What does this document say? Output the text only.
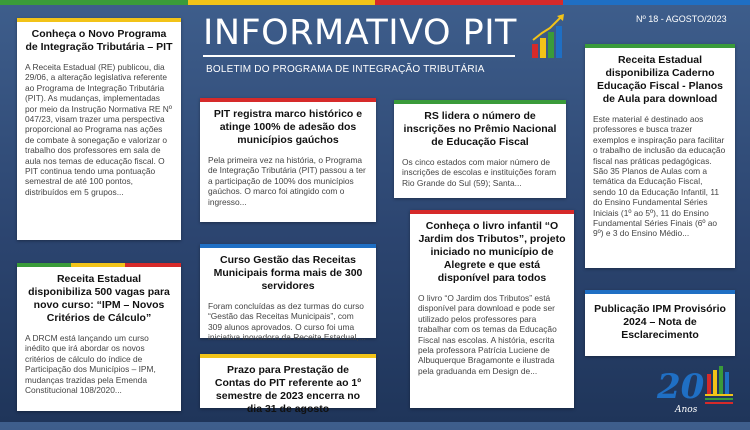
INFORMATIVO PIT
BOLETIM DO PROGRAMA DE INTEGRAÇÃO TRIBUTÁRIA
Nº 18 - AGOSTO/2023
Conheça o Novo Programa de Integração Tributária – PIT

A Receita Estadual (RE) publicou, dia 29/06, a alteração legislativa referente ao Programa de Integração Tributária (PIT). As mudanças, implementadas por meio da Instrução Normativa RE Nº 047/23, visam trazer uma perspectiva proporcional ao Programa nas ações de combate à sonegação e valorizar o trabalho dos professores em sala de aula nos temas de educação fiscal. O PIT continua tendo uma pontuação semestral de até 100 pontos, distribuídos em 5 grupos...

Receita Estadual disponibiliza 500 vagas para novo curso: “IPM – Novos Critérios de Cálculo”

A DRCM está lançando um curso inédito que irá abordar os novos critérios de cálculo do índice de Participação dos Municípios – IPM, mudanças trazidas pela Emenda Constitucional 108/2020...

PIT registra marco histórico e atinge 100% de adesão dos municípios gaúchos

Pela primeira vez na história, o Programa de Integração Tributária (PIT) passou a ter a participação de 100% dos municípios gaúchos. O marco foi atingido com o ingresso...

Curso Gestão das Receitas Municipais forma mais de 300 servidores

Foram concluídas as dez turmas do curso “Gestão das Receitas Municipais”, com 309 alunos aprovados. O curso foi uma iniciativa inovadora da Receita Estadual,...

Prazo para Prestação de Contas do PIT referente ao 1º semestre de 2023 encerra no dia 31 de agosto
RS lidera o número de inscrições no Prêmio Nacional de Educação Fiscal

Os cinco estados com maior número de inscrições de escolas e instituições foram Rio Grande do Sul (59); Santa...

Conheça o livro infantil “O Jardim dos Tributos”, projeto iniciado no município de Alegrete e que está disponível para todos

O livro “O Jardim dos Tributos” está disponível para download e pode ser utilizado pelos professores para trabalhar com os temas da Educação Fiscal nas escolas. A história, escrita pela professora Patrícia Luciene de Albuquerque Bragamonte e ilustrada pela graduanda em Design de...

Receita Estadual disponibiliza Caderno Educação Fiscal - Planos de Aula para download

Este material é destinado aos professores e busca trazer exemplos e inspiração para facilitar o trabalho de inclusão da educação fiscal nas práticas pedagógicas. São 35 Planos de Aulas com a temática da Educação Fiscal, sendo 10 da Educação Infantil, 11 do Ensino Fundamental Séries Iniciais (1º ao 5º), 11 do Ensino Fundamental Séries Finais (6º ao 9º) e 3 do Ensino Médio...

Publicação IPM Provisório 2024 – Nota de Esclarecimento
20
Anos
